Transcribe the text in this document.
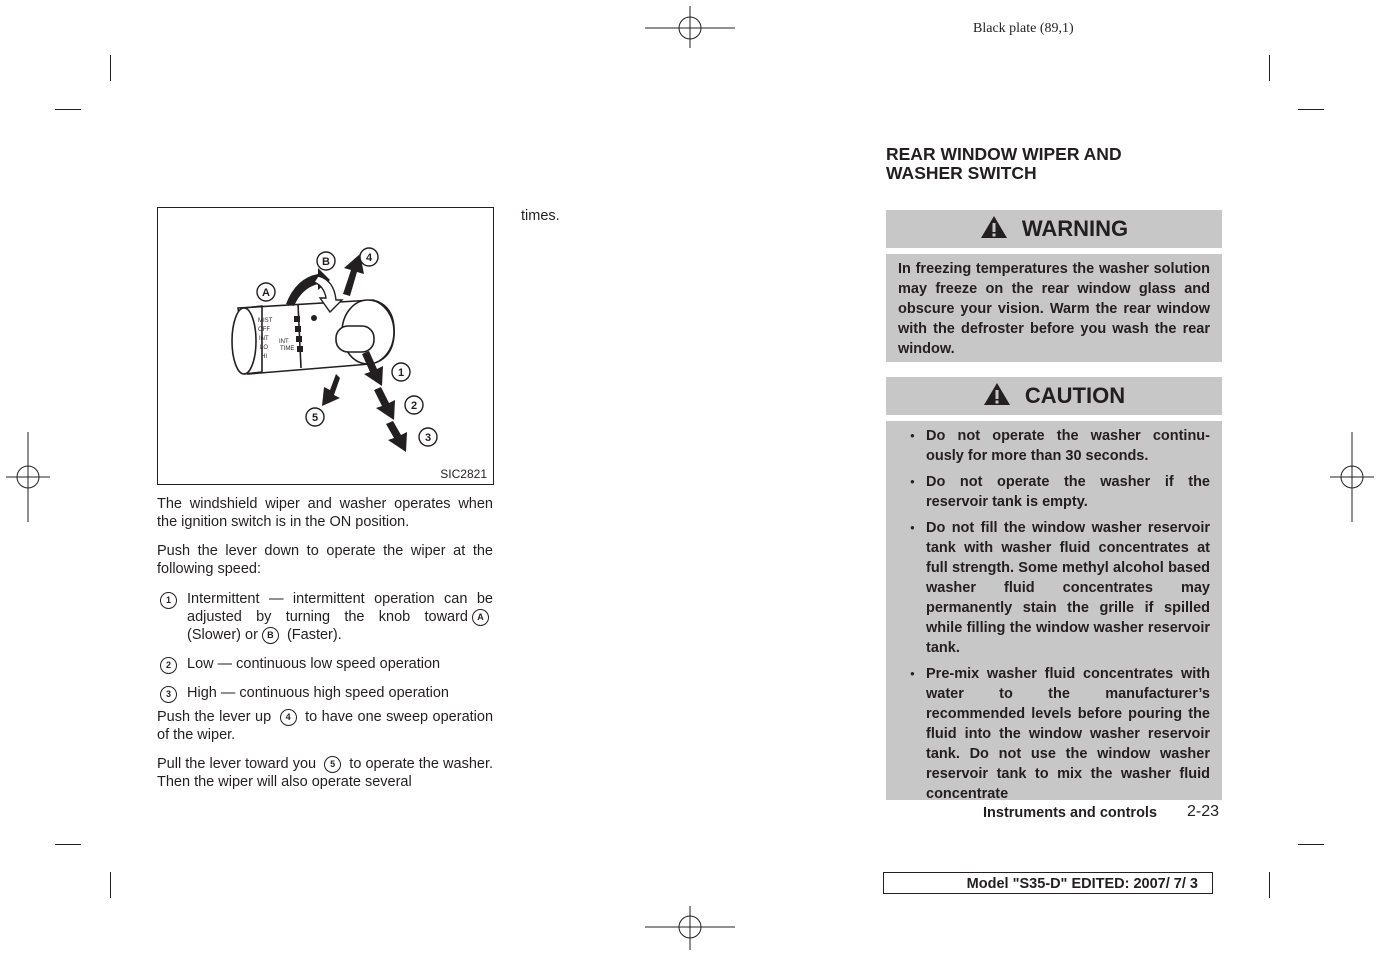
Black plate (89,1)
MIST
OFF
INT
LO
HI
INT
TIME
A
B	4
1
2
3
5
SIC2821
The windshield wiper and washer operates when the ignition switch is in the ON position.
Push the lever down to operate the wiper at the following speed:
1	Intermittent — intermittent operation can be adjusted by turning the knob toward A (Slower) or B (Faster).
2	Low — continuous low speed operation
3	High — continuous high speed operation
Push the lever up 4 to have one sweep operation of the wiper.
Pull the lever toward you 5 to operate the washer. Then the wiper will also operate several
times.
REAR WINDOW WIPER AND
WASHER SWITCH
WARNING
In freezing temperatures the washer solution may freeze on the rear window glass and obscure your vision. Warm the rear window with the defroster before you wash the rear window.
CAUTION
● Do not operate the washer continu- ously for more than 30 seconds.
● Do not operate the washer if the reservoir tank is empty.
● Do not fill the window washer reservoir tank with washer fluid concentrates at full strength. Some methyl alcohol based washer fluid concentrates may permanently stain the grille if spilled while filling the window washer reservoir tank.
● Pre-mix washer fluid concentrates with water to the manufacturer’s recommended levels before pouring the fluid into the window washer reservoir tank. Do not use the window washer reservoir tank to mix the washer fluid concentrate
Instruments and controls 2-23
Model "S35-D" EDITED: 2007/ 7/ 3
